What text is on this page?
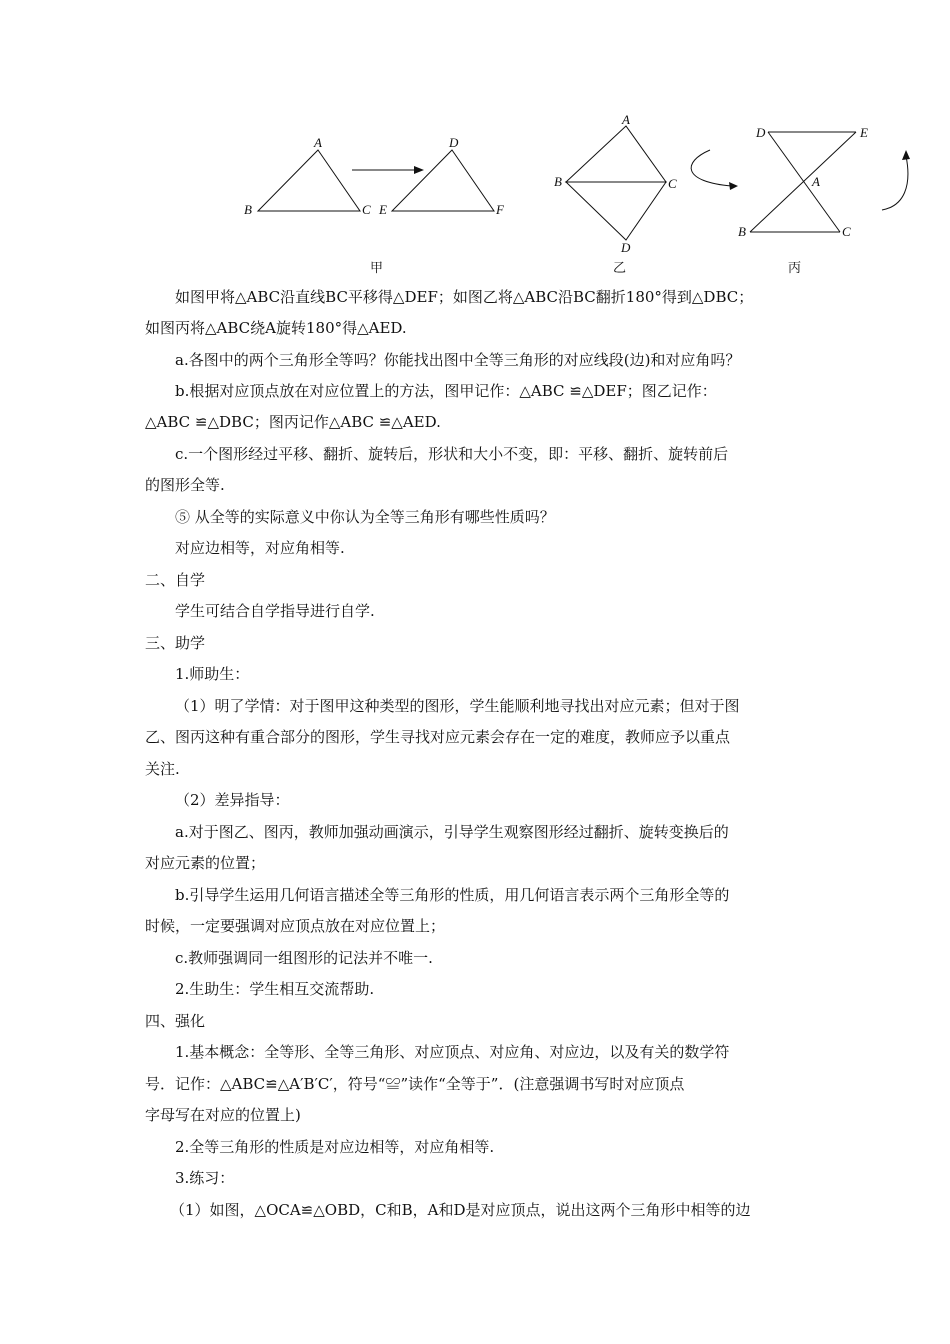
A
B	C
D
E	F
甲
A
B	C
D
乙
D	E
A
B	C
丙
如图甲将△ABC沿直线BC平移得△DEF；如图乙将△ABC沿BC翻折180°得到△DBC；
如图丙将△ABC绕A旋转180°得△AED.
a.各图中的两个三角形全等吗？你能找出图中全等三角形的对应线段(边)和对应角吗？
b.根据对应顶点放在对应位置上的方法，图甲记作：△ABC ≌△DEF；图乙记作：
△ABC ≌△DBC；图丙记作△ABC ≌△AED.
c.一个图形经过平移、翻折、旋转后，形状和大小不变，即：平移、翻折、旋转前后
的图形全等.
⑤ 从全等的实际意义中你认为全等三角形有哪些性质吗？
对应边相等，对应角相等.
二、自学
学生可结合自学指导进行自学.
三、助学
1.师助生：
（1）明了学情：对于图甲这种类型的图形，学生能顺利地寻找出对应元素；但对于图
乙、图丙这种有重合部分的图形，学生寻找对应元素会存在一定的难度，教师应予以重点
关注.
（2）差异指导：
a.对于图乙、图丙，教师加强动画演示，引导学生观察图形经过翻折、旋转变换后的
对应元素的位置；
b.引导学生运用几何语言描述全等三角形的性质，用几何语言表示两个三角形全等的
时候，一定要强调对应顶点放在对应位置上；
c.教师强调同一组图形的记法并不唯一.
2.生助生：学生相互交流帮助.
四、强化
1.基本概念：全等形、全等三角形、对应顶点、对应角、对应边，以及有关的数学符
号．记作：△ABC≌△A′B′C′，符号“≌”读作“全等于”．(注意强调书写时对应顶点
字母写在对应的位置上)
2.全等三角形的性质是对应边相等，对应角相等.
3.练习：
（1）如图，△OCA≌△OBD，C和B，A和D是对应顶点，说出这两个三角形中相等的边
